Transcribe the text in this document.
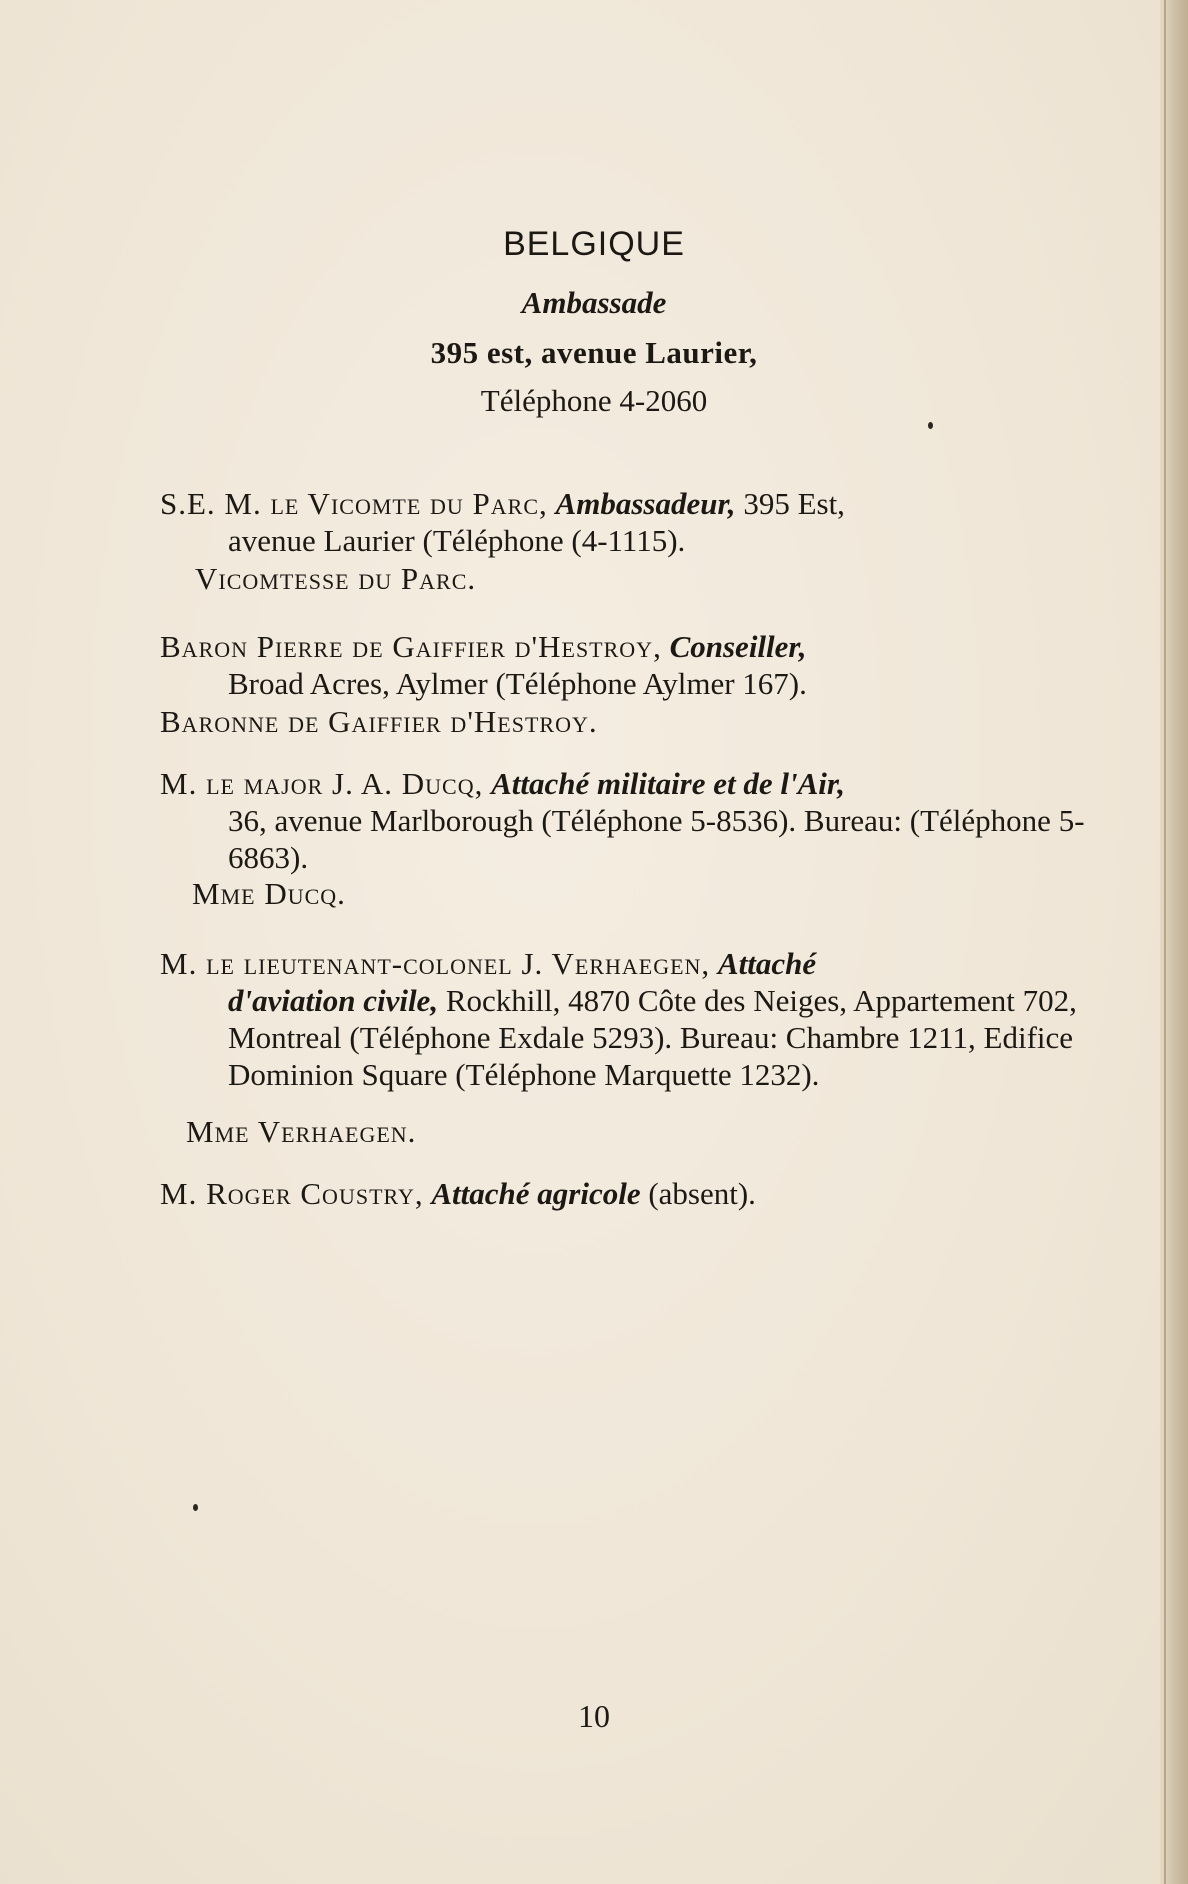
BELGIQUE
Ambassade
395 est, avenue Laurier,
Téléphone 4-2060
S.E. M. le Vicomte du Parc, Ambassadeur, 395 Est,
avenue Laurier (Téléphone (4-1115).
Vicomtesse du Parc.
Baron Pierre de Gaiffier d'Hestroy, Conseiller,
Broad Acres, Aylmer (Téléphone Aylmer 167).
Baronne de Gaiffier d'Hestroy.
M. le major J. A. Ducq, Attaché militaire et de l'Air,
36, avenue Marlborough (Téléphone 5-8536). Bureau: (Téléphone 5-6863).
Mme Ducq.
M. le lieutenant-colonel J. Verhaegen, Attaché
d'aviation civile, Rockhill, 4870 Côte des Neiges, Appartement 702, Montreal (Téléphone Exdale 5293). Bureau: Chambre 1211, Edifice Dominion Square (Téléphone Marquette 1232).
Mme Verhaegen.
M. Roger Coustry, Attaché agricole (absent).
10
